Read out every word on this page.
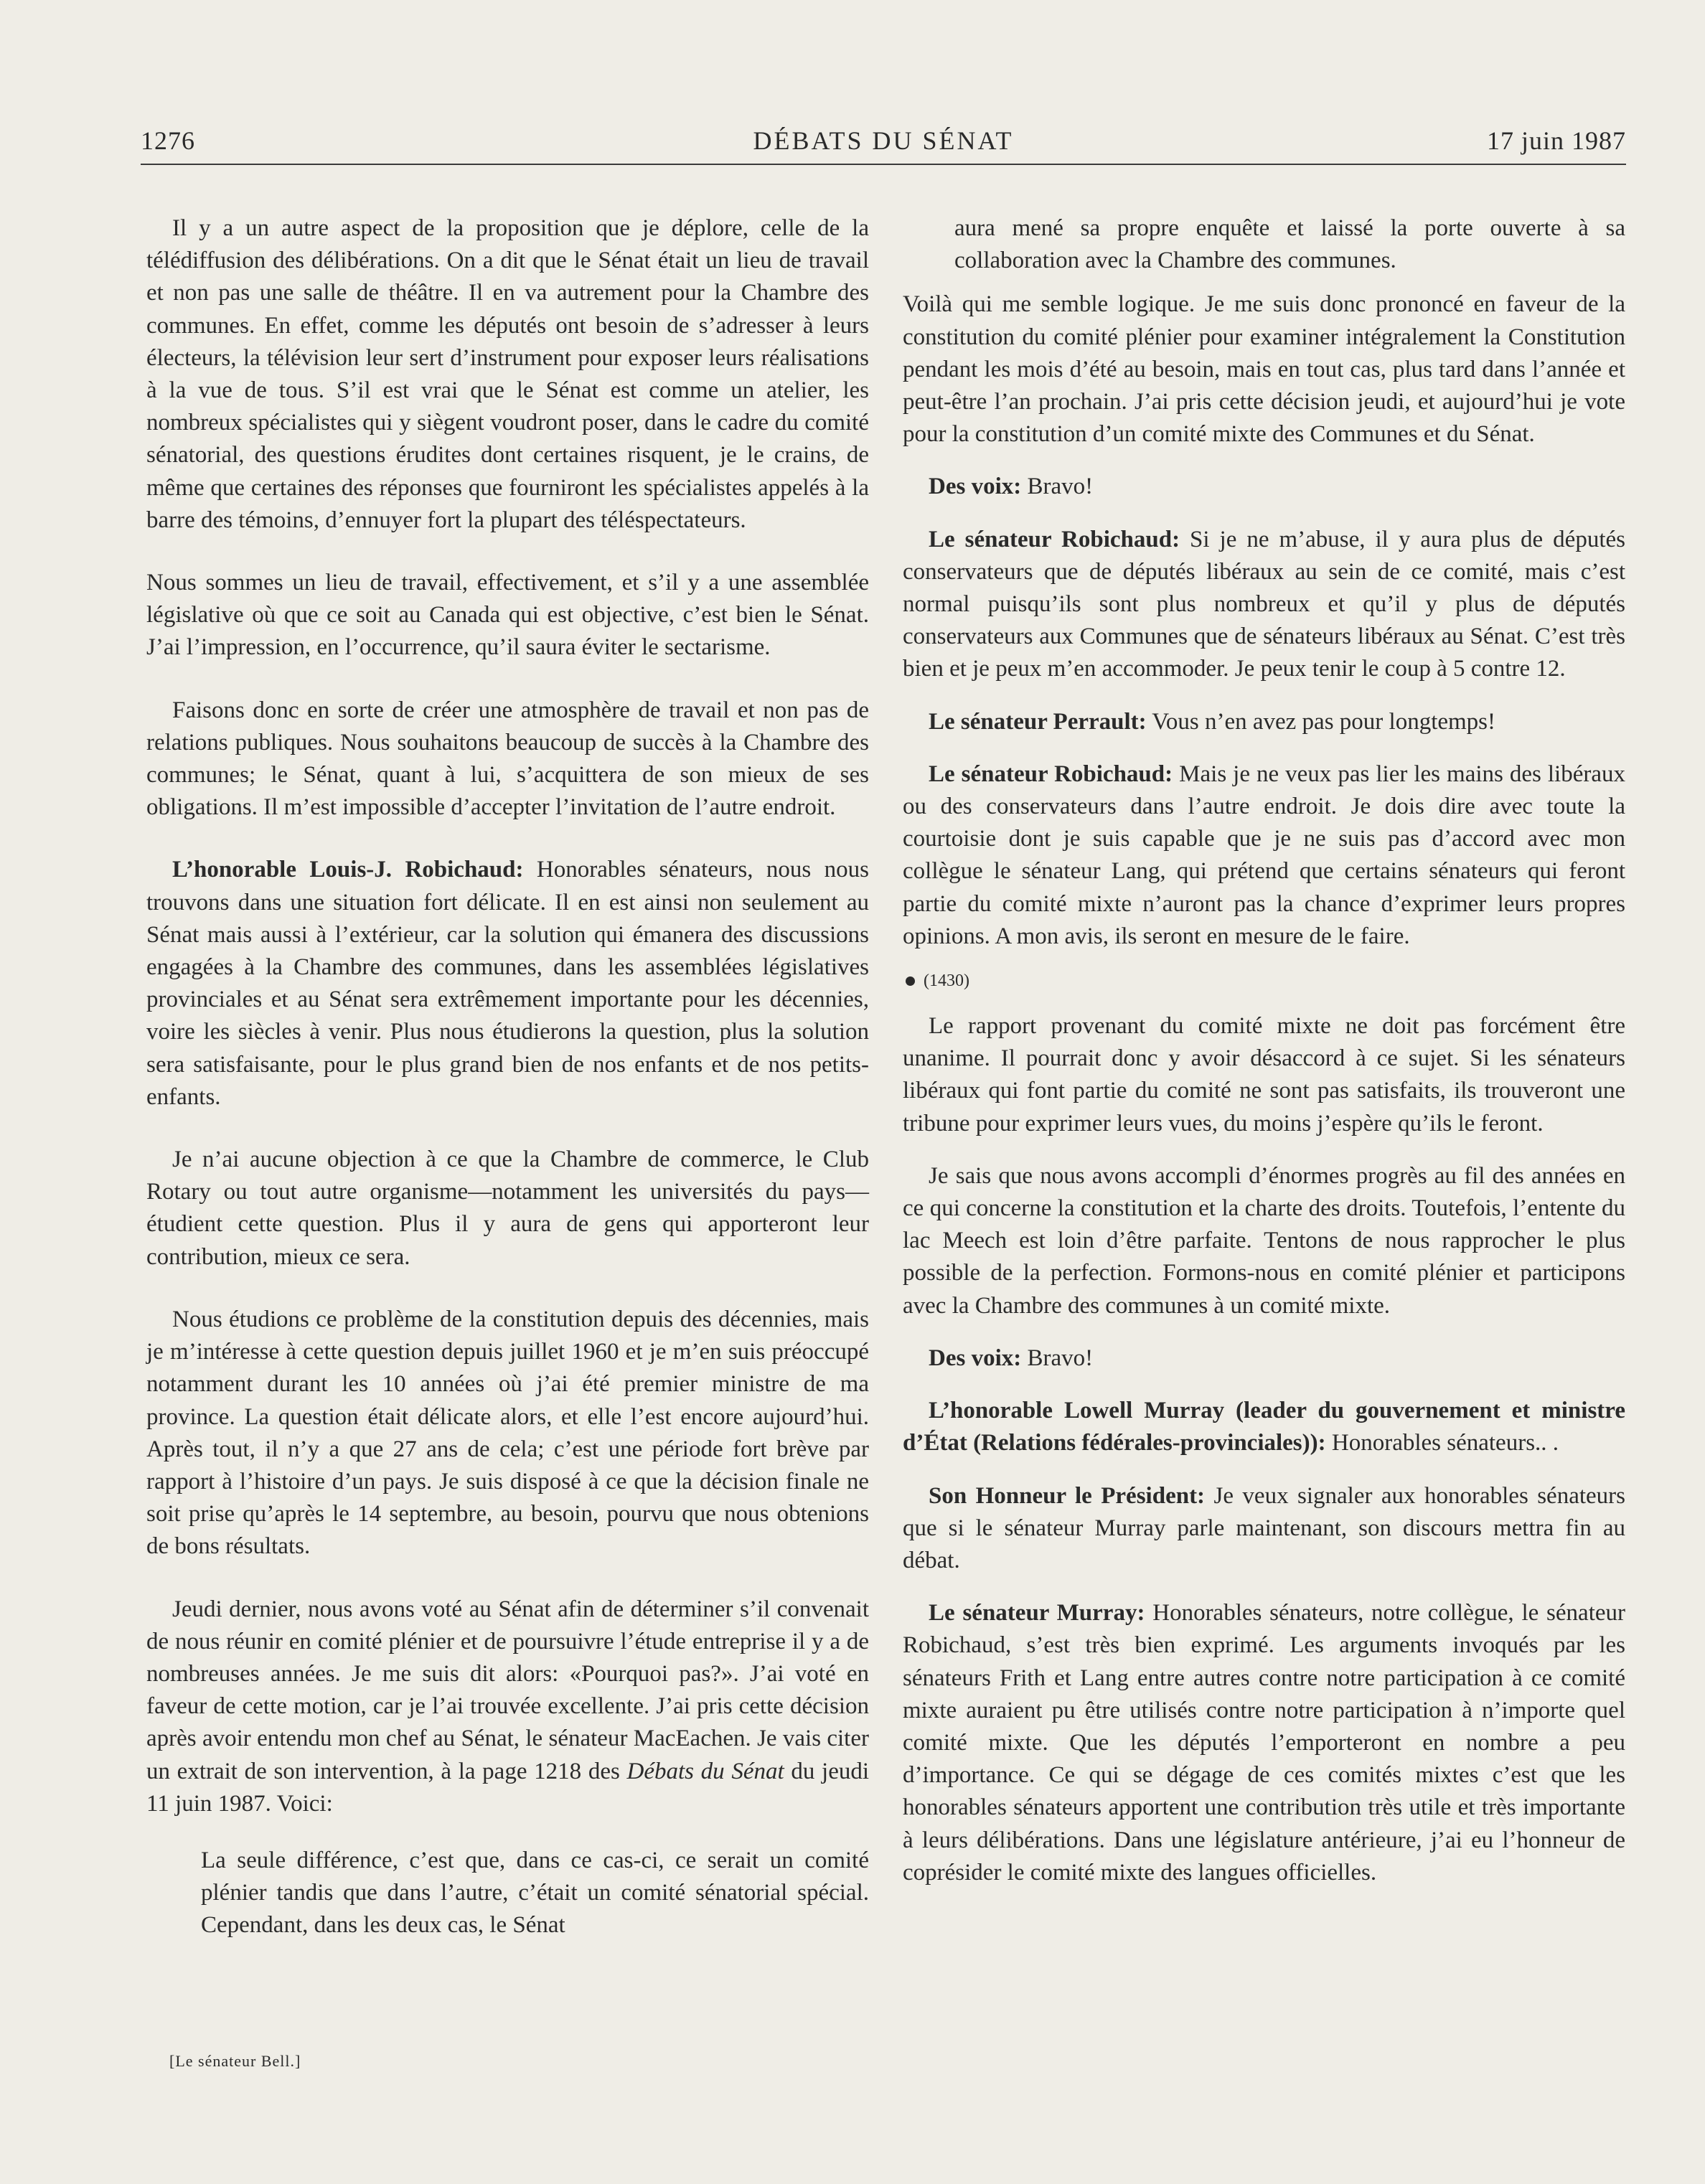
1276	DÉBATS DU SÉNAT	17 juin 1987

Il y a un autre aspect de la proposition que je déplore, celle de la télédiffusion des délibérations. On a dit que le Sénat était un lieu de travail et non pas une salle de théâtre. Il en va autrement pour la Chambre des communes. En effet, comme les députés ont besoin de s’adresser à leurs électeurs, la télévision leur sert d’instrument pour exposer leurs réalisations à la vue de tous. S’il est vrai que le Sénat est comme un atelier, les nombreux spécialistes qui y siègent voudront poser, dans le cadre du comité sénatorial, des questions érudites dont certaines risquent, je le crains, de même que certaines des réponses que fourniront les spécialistes appelés à la barre des témoins, d’ennuyer fort la plupart des téléspectateurs.

Nous sommes un lieu de travail, effectivement, et s’il y a une assemblée législative où que ce soit au Canada qui est objective, c’est bien le Sénat. J’ai l’impression, en l’occurrence, qu’il saura éviter le sectarisme.

Faisons donc en sorte de créer une atmosphère de travail et non pas de relations publiques. Nous souhaitons beaucoup de succès à la Chambre des communes; le Sénat, quant à lui, s’acquittera de son mieux de ses obligations. Il m’est impossible d’accepter l’invitation de l’autre endroit.

L’honorable Louis-J. Robichaud: Honorables sénateurs, nous nous trouvons dans une situation fort délicate. Il en est ainsi non seulement au Sénat mais aussi à l’extérieur, car la solution qui émanera des discussions engagées à la Chambre des communes, dans les assemblées législatives provinciales et au Sénat sera extrêmement importante pour les décennies, voire les siècles à venir. Plus nous étudierons la question, plus la solution sera satisfaisante, pour le plus grand bien de nos enfants et de nos petits-enfants.

Je n’ai aucune objection à ce que la Chambre de commerce, le Club Rotary ou tout autre organisme—notamment les universités du pays—étudient cette question. Plus il y aura de gens qui apporteront leur contribution, mieux ce sera.

Nous étudions ce problème de la constitution depuis des décennies, mais je m’intéresse à cette question depuis juillet 1960 et je m’en suis préoccupé notamment durant les 10 années où j’ai été premier ministre de ma province. La question était délicate alors, et elle l’est encore aujourd’hui. Après tout, il n’y a que 27 ans de cela; c’est une période fort brève par rapport à l’histoire d’un pays. Je suis disposé à ce que la décision finale ne soit prise qu’après le 14 septembre, au besoin, pourvu que nous obtenions de bons résultats.

Jeudi dernier, nous avons voté au Sénat afin de déterminer s’il convenait de nous réunir en comité plénier et de poursuivre l’étude entreprise il y a de nombreuses années. Je me suis dit alors: «Pourquoi pas?». J’ai voté en faveur de cette motion, car je l’ai trouvée excellente. J’ai pris cette décision après avoir entendu mon chef au Sénat, le sénateur MacEachen. Je vais citer un extrait de son intervention, à la page 1218 des Débats du Sénat du jeudi 11 juin 1987. Voici:

La seule différence, c’est que, dans ce cas-ci, ce serait un comité plénier tandis que dans l’autre, c’était un comité sénatorial spécial. Cependant, dans les deux cas, le Sénat

aura mené sa propre enquête et laissé la porte ouverte à sa collaboration avec la Chambre des communes.

Voilà qui me semble logique. Je me suis donc prononcé en faveur de la constitution du comité plénier pour examiner intégralement la Constitution pendant les mois d’été au besoin, mais en tout cas, plus tard dans l’année et peut-être l’an prochain. J’ai pris cette décision jeudi, et aujourd’hui je vote pour la constitution d’un comité mixte des Communes et du Sénat.

Des voix: Bravo!

Le sénateur Robichaud: Si je ne m’abuse, il y aura plus de députés conservateurs que de députés libéraux au sein de ce comité, mais c’est normal puisqu’ils sont plus nombreux et qu’il y plus de députés conservateurs aux Communes que de sénateurs libéraux au Sénat. C’est très bien et je peux m’en accommoder. Je peux tenir le coup à 5 contre 12.

Le sénateur Perrault: Vous n’en avez pas pour longtemps!

Le sénateur Robichaud: Mais je ne veux pas lier les mains des libéraux ou des conservateurs dans l’autre endroit. Je dois dire avec toute la courtoisie dont je suis capable que je ne suis pas d’accord avec mon collègue le sénateur Lang, qui prétend que certains sénateurs qui feront partie du comité mixte n’auront pas la chance d’exprimer leurs propres opinions. A mon avis, ils seront en mesure de le faire.

(1430)

Le rapport provenant du comité mixte ne doit pas forcément être unanime. Il pourrait donc y avoir désaccord à ce sujet. Si les sénateurs libéraux qui font partie du comité ne sont pas satisfaits, ils trouveront une tribune pour exprimer leurs vues, du moins j’espère qu’ils le feront.

Je sais que nous avons accompli d’énormes progrès au fil des années en ce qui concerne la constitution et la charte des droits. Toutefois, l’entente du lac Meech est loin d’être parfaite. Tentons de nous rapprocher le plus possible de la perfection. Formons-nous en comité plénier et participons avec la Chambre des communes à un comité mixte.

Des voix: Bravo!

L’honorable Lowell Murray (leader du gouvernement et ministre d’État (Relations fédérales-provinciales)): Honorables sénateurs.. .

Son Honneur le Président: Je veux signaler aux honorables sénateurs que si le sénateur Murray parle maintenant, son discours mettra fin au débat.

Le sénateur Murray: Honorables sénateurs, notre collègue, le sénateur Robichaud, s’est très bien exprimé. Les arguments invoqués par les sénateurs Frith et Lang entre autres contre notre participation à ce comité mixte auraient pu être utilisés contre notre participation à n’importe quel comité mixte. Que les députés l’emporteront en nombre a peu d’importance. Ce qui se dégage de ces comités mixtes c’est que les honorables sénateurs apportent une contribution très utile et très importante à leurs délibérations. Dans une législature antérieure, j’ai eu l’honneur de coprésider le comité mixte des langues officielles.

[Le sénateur Bell.]
